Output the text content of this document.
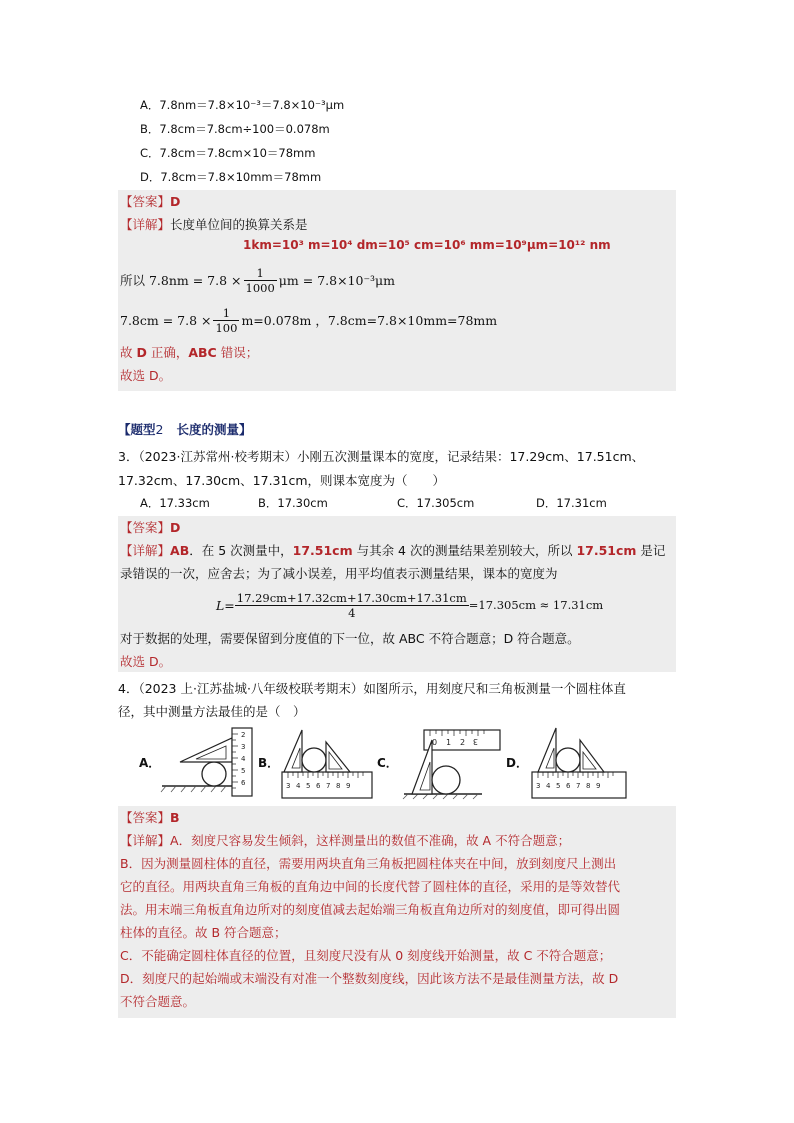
A．7.8nm＝7.8×10⁻³＝7.8×10⁻³μm
B．7.8cm＝7.8cm÷100＝0.078m
C．7.8cm＝7.8cm×10＝78mm
D．7.8cm＝7.8×10mm＝78mm
【答案】D
【详解】长度单位间的换算关系是
1km=10³ m=10⁴ dm=10⁵ cm=10⁶ mm=10⁹μm=10¹² nm
所以 $7.8nm = 7.8 \times \frac{1}{1000}$ μm = 7.8×10⁻³μm
$7.8cm = 7.8 \times \frac{1}{100} m=0.078m$ ，7.8cm=7.8×10mm=78mm
故 D 正确，ABC 错误；
故选 D。
【题型2 长度的测量】
3．（2023·江苏常州·校考期末）小刚五次测量课本的宽度，记录结果：17.29cm、17.51cm、
17.32cm、17.30cm、17.31cm，则课本宽度为（　　）
A．17.33cm	B．17.30cm	C．17.305cm	D．17.31cm
【答案】D
【详解】AB．在 5 次测量中，17.51cm 与其余 4 次的测量结果差别较大，所以 17.51cm 是记
录错误的一次，应舍去；为了减小误差，用平均值表示测量结果，课本的宽度为
$L= \frac{17.29cm+17.32cm+17.30cm+17.31cm}{4} =17.305cm \approx 17.31cm$
对于数据的处理，需要保留到分度值的下一位，故 ABC 不符合题意；D 符合题意。
故选 D。
4．（2023 上·江苏盐城·八年级校联考期末）如图所示，用刻度尺和三角板测量一个圆柱体直
径，其中测量方法最佳的是（　）
A．	B．	C．	D．
2
3
4
5
6	3 4 5 6 7 8 9
3
2
1
0
3 4 5 6 7 8 9
【答案】B
【详解】A．刻度尺容易发生倾斜，这样测量出的数值不准确，故 A 不符合题意；
B．因为测量圆柱体的直径，需要用两块直角三角板把圆柱体夹在中间，放到刻度尺上测出
它的直径。用两块直角三角板的直角边中间的长度代替了圆柱体的直径，采用的是等效替代
法。用末端三角板直角边所对的刻度值减去起始端三角板直角边所对的刻度值，即可得出圆
柱体的直径。故 B 符合题意；
C．不能确定圆柱体直径的位置，且刻度尺没有从 0 刻度线开始测量，故 C 不符合题意；
D．刻度尺的起始端或末端没有对准一个整数刻度线，因此该方法不是最佳测量方法，故 D
不符合题意。
